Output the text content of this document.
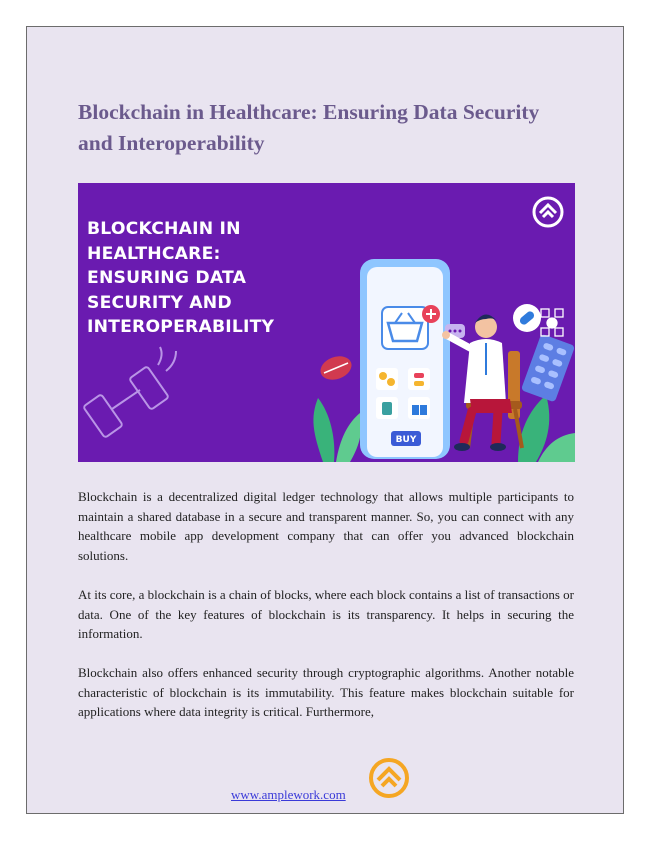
Blockchain in Healthcare: Ensuring Data Security and Interoperability
BLOCKCHAIN IN
HEALTHCARE:
ENSURING DATA
SECURITY AND
INTEROPERABILITY
BUY

Blockchain is a decentralized digital ledger technology that allows multiple participants to maintain a shared database in a secure and transparent manner. So, you can connect with any healthcare mobile app development company that can offer you advanced blockchain solutions.

At its core, a blockchain is a chain of blocks, where each block contains a list of transactions or data. One of the key features of blockchain is its transparency. It helps in securing the information.

Blockchain also offers enhanced security through cryptographic algorithms. Another notable characteristic of blockchain is its immutability. This feature makes blockchain suitable for applications where data integrity is critical. Furthermore,

www.amplework.com
